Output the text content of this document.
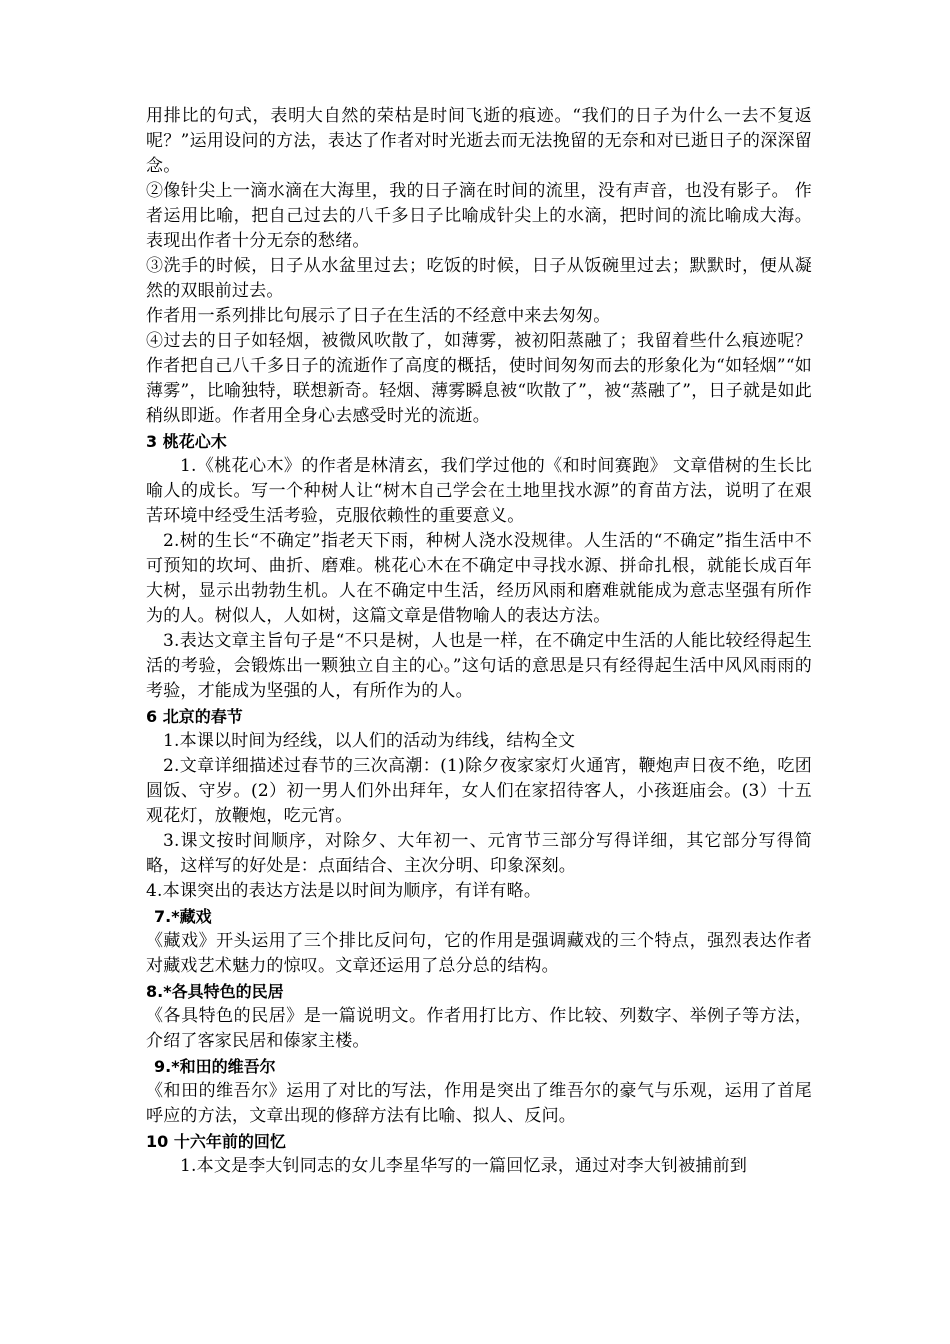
用排比的句式，表明大自然的荣枯是时间飞逝的痕迹。“我们的日子为什么一去不复返呢？”运用设问的方法，表达了作者对时光逝去而无法挽留的无奈和对已逝日子的深深留念。

②像针尖上一滴水滴在大海里，我的日子滴在时间的流里，没有声音，也没有影子。 作者运用比喻，把自己过去的八千多日子比喻成针尖上的水滴，把时间的流比喻成大海。表现出作者十分无奈的愁绪。

③洗手的时候，日子从水盆里过去；吃饭的时候，日子从饭碗里过去；默默时，便从凝然的双眼前过去。

作者用一系列排比句展示了日子在生活的不经意中来去匆匆。

④过去的日子如轻烟，被微风吹散了，如薄雾，被初阳蒸融了；我留着些什么痕迹呢？ 作者把自己八千多日子的流逝作了高度的概括，使时间匆匆而去的形象化为“如轻烟”“如薄雾”，比喻独特，联想新奇。轻烟、薄雾瞬息被“吹散了”，被“蒸融了”，日子就是如此稍纵即逝。作者用全身心去感受时光的流逝。

3 桃花心木

1.《桃花心木》的作者是林清玄，我们学过他的《和时间赛跑》 文章借树的生长比喻人的成长。写一个种树人让“树木自己学会在土地里找水源”的育苗方法，说明了在艰苦环境中经受生活考验，克服依赖性的重要意义。

2.树的生长“不确定”指老天下雨，种树人浇水没规律。人生活的“不确定”指生活中不可预知的坎坷、曲折、磨难。桃花心木在不确定中寻找水源、拼命扎根，就能长成百年大树，显示出勃勃生机。人在不确定中生活，经历风雨和磨难就能成为意志坚强有所作为的人。树似人，人如树，这篇文章是借物喻人的表达方法。

3.表达文章主旨句子是“不只是树，人也是一样，在不确定中生活的人能比较经得起生活的考验，会锻炼出一颗独立自主的心。”这句话的意思是只有经得起生活中风风雨雨的考验，才能成为坚强的人，有所作为的人。

6 北京的春节

1.本课以时间为经线，以人们的活动为纬线，结构全文

2.文章详细描述过春节的三次高潮：(1)除夕夜家家灯火通宵，鞭炮声日夜不绝，吃团圆饭、守岁。(2）初一男人们外出拜年，女人们在家招待客人，小孩逛庙会。(3）十五观花灯，放鞭炮，吃元宵。

3.课文按时间顺序，对除夕、大年初一、元宵节三部分写得详细，其它部分写得简略，这样写的好处是：点面结合、主次分明、印象深刻。

4.本课突出的表达方法是以时间为顺序，有详有略。

7.*藏戏

《藏戏》开头运用了三个排比反问句，它的作用是强调藏戏的三个特点，强烈表达作者对藏戏艺术魅力的惊叹。文章还运用了总分总的结构。

8.*各具特色的民居

《各具特色的民居》是一篇说明文。作者用打比方、作比较、列数字、举例子等方法，介绍了客家民居和傣家主楼。

9.*和田的维吾尔

《和田的维吾尔》运用了对比的写法，作用是突出了维吾尔的豪气与乐观，运用了首尾呼应的方法，文章出现的修辞方法有比喻、拟人、反问。

10 十六年前的回忆

1.本文是李大钊同志的女儿李星华写的一篇回忆录，通过对李大钊被捕前到
